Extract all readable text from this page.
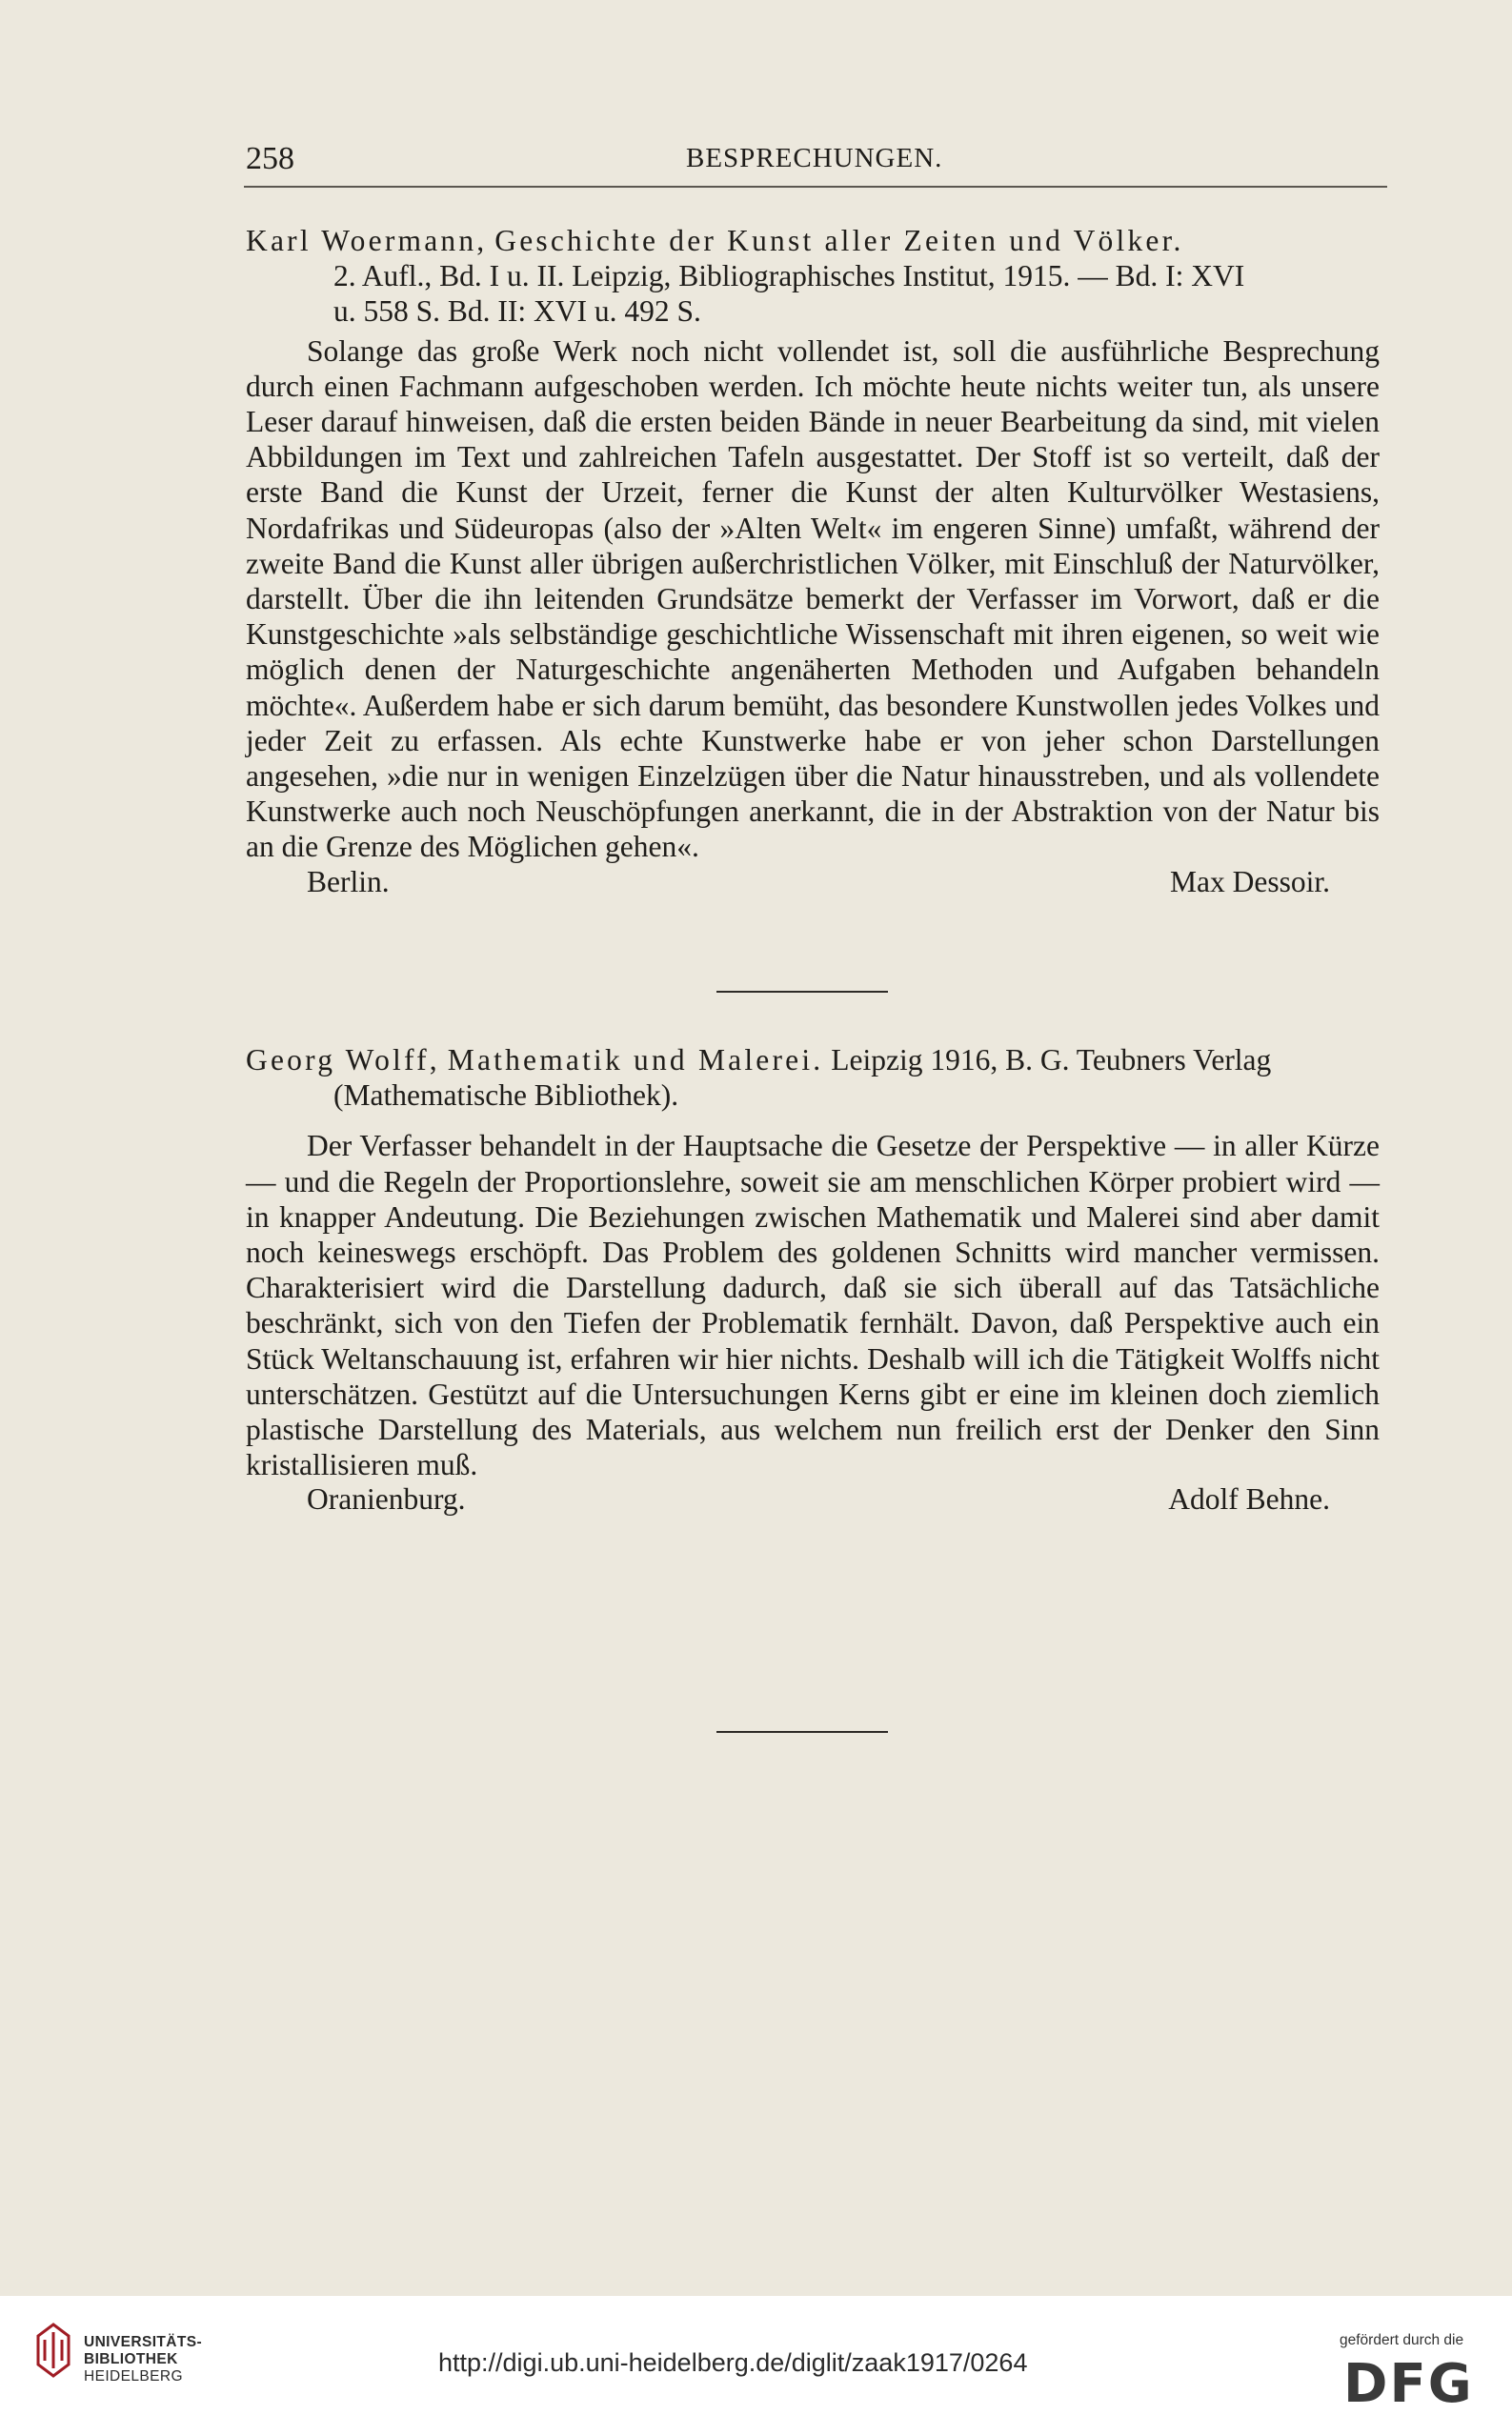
258	BESPRECHUNGEN.

Karl Woermann, Geschichte der Kunst aller Zeiten und Völker.
2. Aufl., Bd. I u. II. Leipzig, Bibliographisches Institut, 1915. — Bd. I: XVI
u. 558 S. Bd. II: XVI u. 492 S.

Solange das große Werk noch nicht vollendet ist, soll die ausführliche Besprechung durch einen Fachmann aufgeschoben werden. Ich möchte heute nichts weiter tun, als unsere Leser darauf hinweisen, daß die ersten beiden Bände in neuer Bearbeitung da sind, mit vielen Abbildungen im Text und zahlreichen Tafeln ausgestattet. Der Stoff ist so verteilt, daß der erste Band die Kunst der Urzeit, ferner die Kunst der alten Kulturvölker Westasiens, Nordafrikas und Südeuropas (also der »Alten Welt« im engeren Sinne) umfaßt, während der zweite Band die Kunst aller übrigen außerchristlichen Völker, mit Einschluß der Naturvölker, darstellt. Über die ihn leitenden Grundsätze bemerkt der Verfasser im Vorwort, daß er die Kunstgeschichte »als selbständige geschichtliche Wissenschaft mit ihren eigenen, so weit wie möglich denen der Naturgeschichte angenäherten Methoden und Aufgaben behandeln möchte«. Außerdem habe er sich darum bemüht, das besondere Kunstwollen jedes Volkes und jeder Zeit zu erfassen. Als echte Kunstwerke habe er von jeher schon Darstellungen angesehen, »die nur in wenigen Einzelzügen über die Natur hinausstreben, und als vollendete Kunstwerke auch noch Neuschöpfungen anerkannt, die in der Abstraktion von der Natur bis an die Grenze des Möglichen gehen«.

Berlin.	Max Dessoir.

Georg Wolff, Mathematik und Malerei. Leipzig 1916, B. G. Teubners Verlag
(Mathematische Bibliothek).

Der Verfasser behandelt in der Hauptsache die Gesetze der Perspektive — in aller Kürze — und die Regeln der Proportionslehre, soweit sie am menschlichen Körper probiert wird — in knapper Andeutung. Die Beziehungen zwischen Mathematik und Malerei sind aber damit noch keineswegs erschöpft. Das Problem des goldenen Schnitts wird mancher vermissen. Charakterisiert wird die Darstellung dadurch, daß sie sich überall auf das Tatsächliche beschränkt, sich von den Tiefen der Problematik fernhält. Davon, daß Perspektive auch ein Stück Weltanschauung ist, erfahren wir hier nichts. Deshalb will ich die Tätigkeit Wolffs nicht unterschätzen. Gestützt auf die Untersuchungen Kerns gibt er eine im kleinen doch ziemlich plastische Darstellung des Materials, aus welchem nun freilich erst der Denker den Sinn kristallisieren muß.

Oranienburg.	Adolf Behne.
UNIVERSITÄTS-
BIBLIOTHEK
HEIDELBERG	http://digi.ub.uni-heidelberg.de/diglit/zaak1917/0264
gefördert durch die
DFG
